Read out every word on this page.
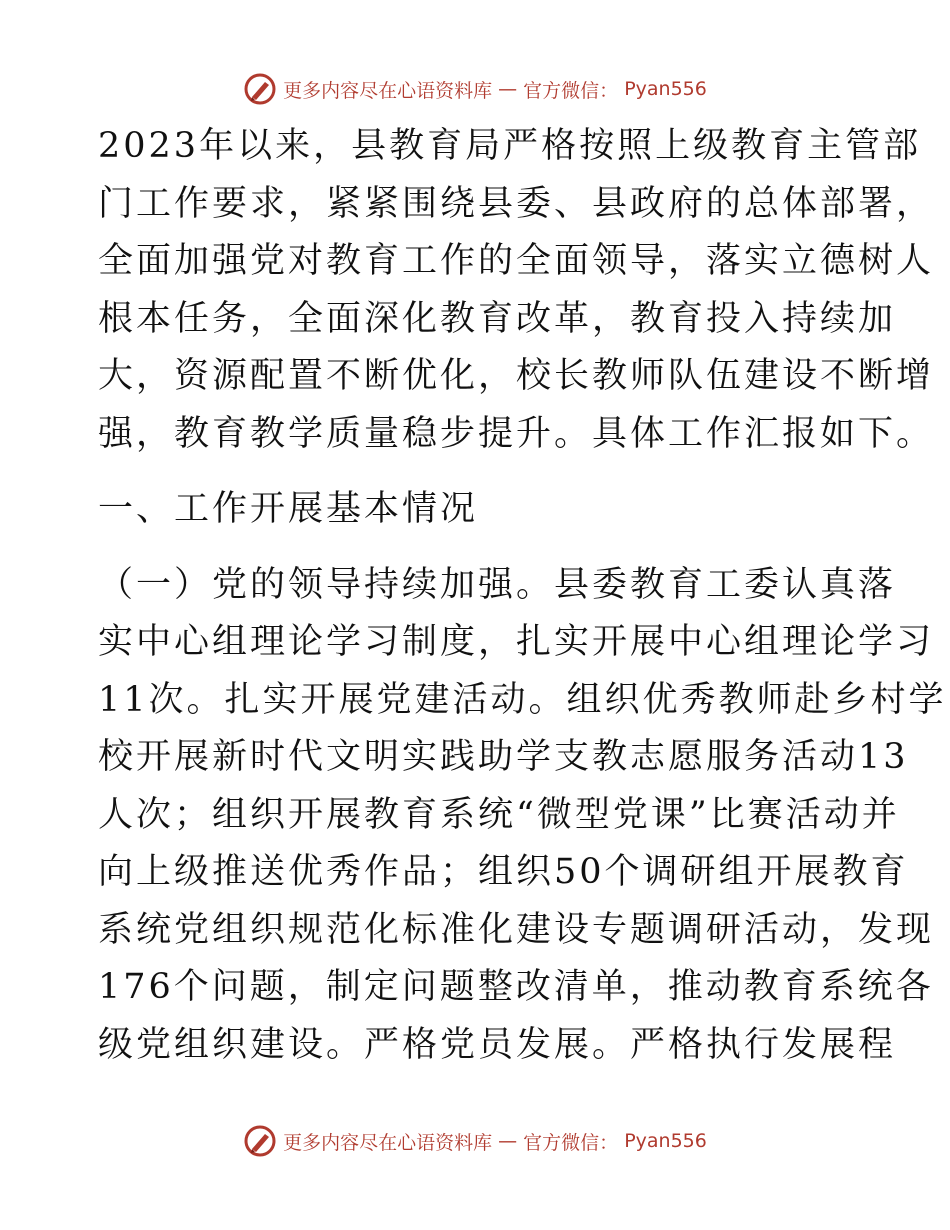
更多内容尽在心语资料库 — 官方微信： Pyan556
2023年以来，县教育局严格按照上级教育主管部
门工作要求，紧紧围绕县委、县政府的总体部署，
全面加强党对教育工作的全面领导，落实立德树人
根本任务，全面深化教育改革，教育投入持续加
大，资源配置不断优化，校长教师队伍建设不断增
强，教育教学质量稳步提升。具体工作汇报如下。
一、工作开展基本情况
（一）党的领导持续加强。县委教育工委认真落
实中心组理论学习制度，扎实开展中心组理论学习
11次。扎实开展党建活动。组织优秀教师赴乡村学
校开展新时代文明实践助学支教志愿服务活动13
人次；组织开展教育系统“微型党课”比赛活动并
向上级推送优秀作品；组织50个调研组开展教育
系统党组织规范化标准化建设专题调研活动，发现
176个问题，制定问题整改清单，推动教育系统各
级党组织建设。严格党员发展。严格执行发展程
更多内容尽在心语资料库 — 官方微信： Pyan556
